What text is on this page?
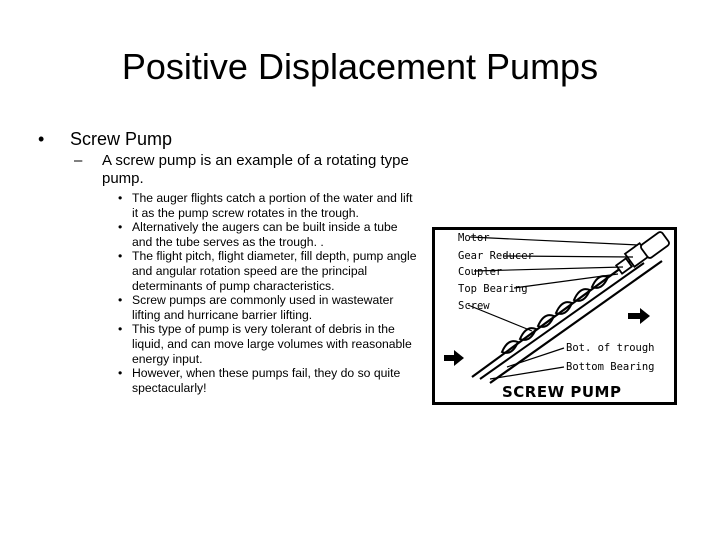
Positive Displacement Pumps
• Screw Pump
– A screw pump is an example of a rotating type pump.
• The auger flights catch a portion of the water and lift it as the pump screw rotates in the trough.
• Alternatively the augers can be built inside a tube and the tube serves as the trough. .
• The flight pitch, flight diameter, fill depth, pump angle and angular rotation speed are the principal determinants of pump characteristics.
• Screw pumps are commonly used in wastewater lifting and hurricane barrier lifting.
• This type of pump is very tolerant of debris in the liquid, and can move large volumes with reasonable energy input.
• However, when these pumps fail, they do so quite spectacularly!
Motor
Gear Reducer
Coupler
Top Bearing
Screw
Bot. of trough
Bottom Bearing
SCREW PUMP
